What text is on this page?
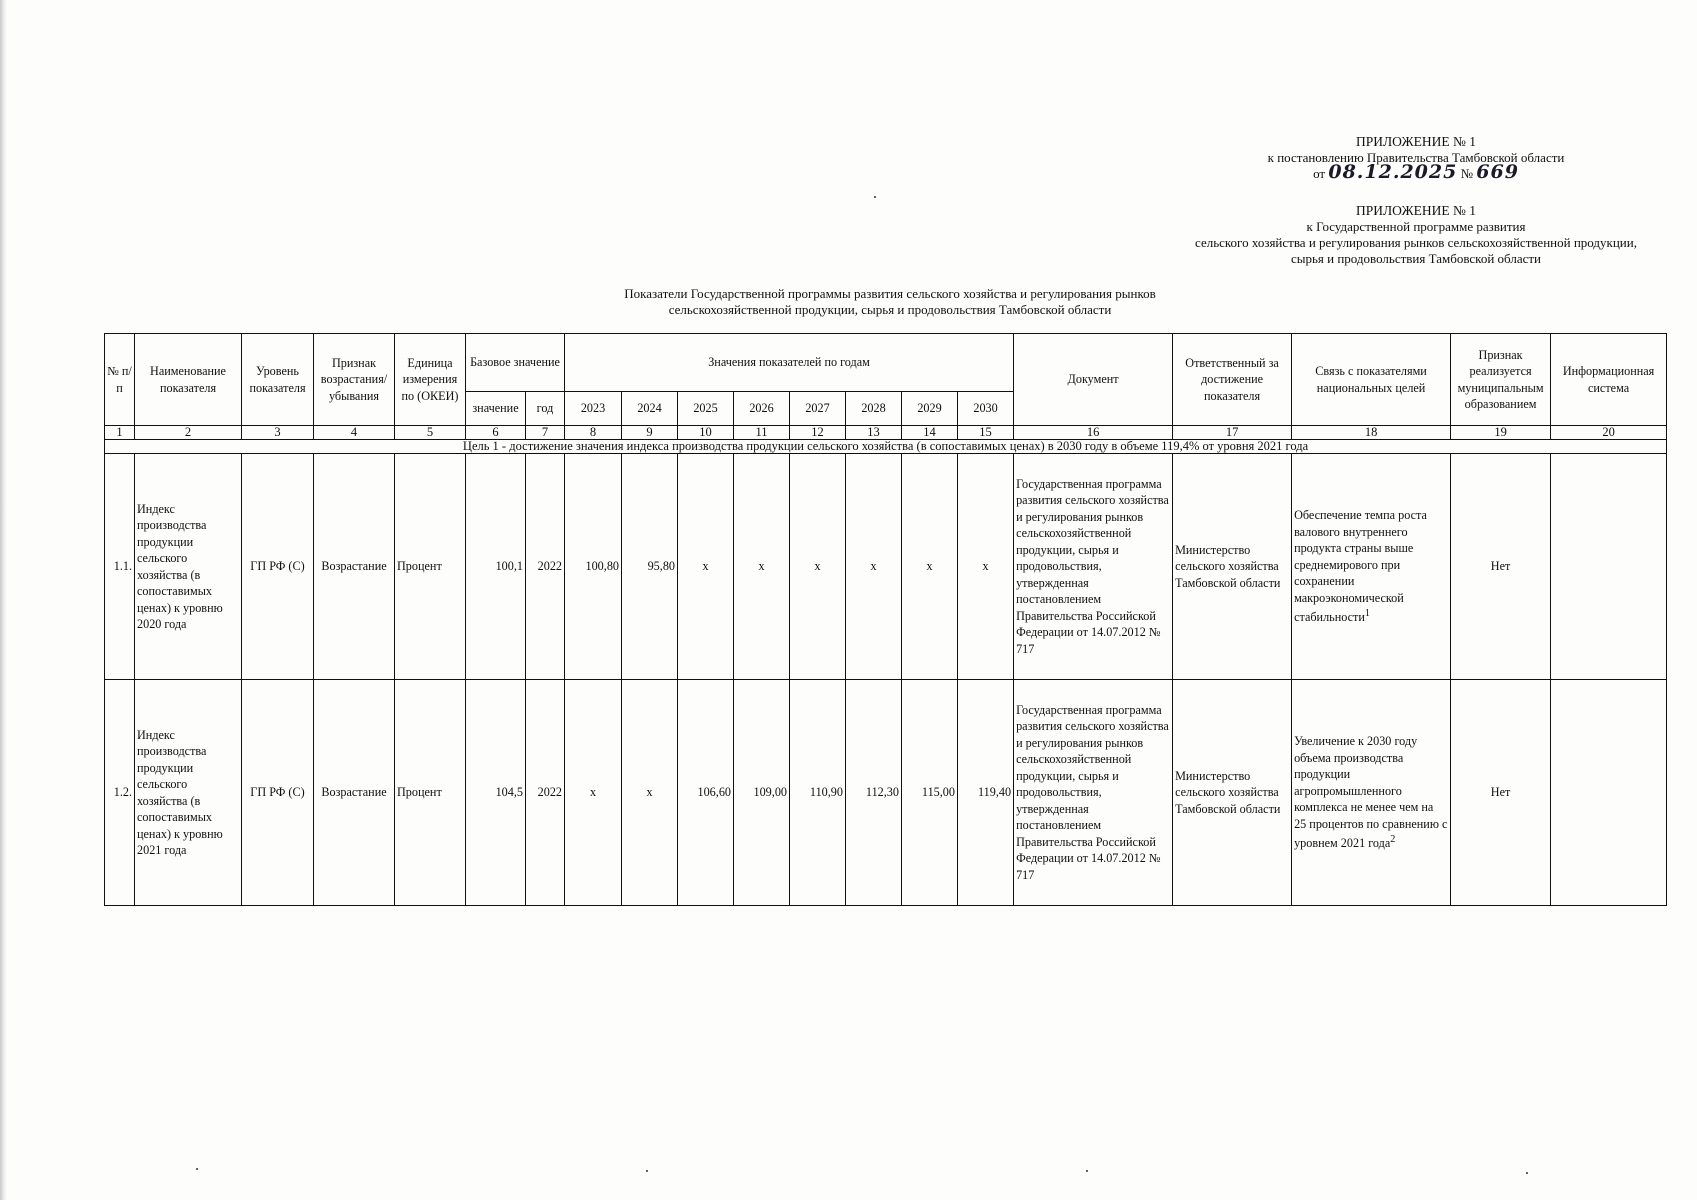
ПРИЛОЖЕНИЕ № 1
к постановлению Правительства Тамбовской области
от 08.12.2025 № 669
ПРИЛОЖЕНИЕ № 1
к Государственной программе развития
сельского хозяйства и регулирования рынков сельскохозяйственной продукции,
сырья и продовольствия Тамбовской области
Показатели Государственной программы развития сельского хозяйства и регулирования рынков
сельскохозяйственной продукции, сырья и продовольствия Тамбовской области
№ п/п	Наименование показателя	Уровень показателя	Признак возрастания/ убывания	Единица измерения по (ОКЕИ)	Базовое значение		Значения показателей по годам								Документ	Ответственный за достижение показателя	Связь с показателями национальных целей	Признак реализуется муниципальным образованием	Информационная система
					значение	год	2023	2024	2025	2026	2027	2028	2029	2030					
1	2	3	4	5	6	7	8	9	10	11	12	13	14	15	16	17	18	19	20
Цель 1 - достижение значения индекса производства продукции сельского хозяйства (в сопоставимых ценах) в 2030 году в объеме 119,4% от уровня 2021 года																			
1.1.	Индекс производства продукции сельского хозяйства (в сопоставимых ценах) к уровню 2020 года	ГП РФ (С)	Возрастание	Процент	100,1	2022	100,80	95,80	x	x	x	x	x	x	Государственная программа развития сельского хозяйства и регулирования рынков сельскохозяйственной продукции, сырья и продовольствия, утвержденная постановлением Правительства Российской Федерации от 14.07.2012 № 717	Министерство сельского хозяйства Тамбовской области	Обеспечение темпа роста валового внутреннего продукта страны выше среднемирового при сохранении макроэкономической стабильности$^1$	Нет	
1.2.	Индекс производства продукции сельского хозяйства (в сопоставимых ценах) к уровню 2021 года	ГП РФ (С)	Возрастание	Процент	104,5	2022	x	x	106,60	109,00	110,90	112,30	115,00	119,40	Государственная программа развития сельского хозяйства и регулирования рынков сельскохозяйственной продукции, сырья и продовольствия, утвержденная постановлением Правительства Российской Федерации от 14.07.2012 № 717	Министерство сельского хозяйства Тамбовской области	Увеличение к 2030 году объема производства продукции агропромышленного комплекса не менее чем на 25 процентов по сравнению с уровнем 2021 года$^2$	Нет	
